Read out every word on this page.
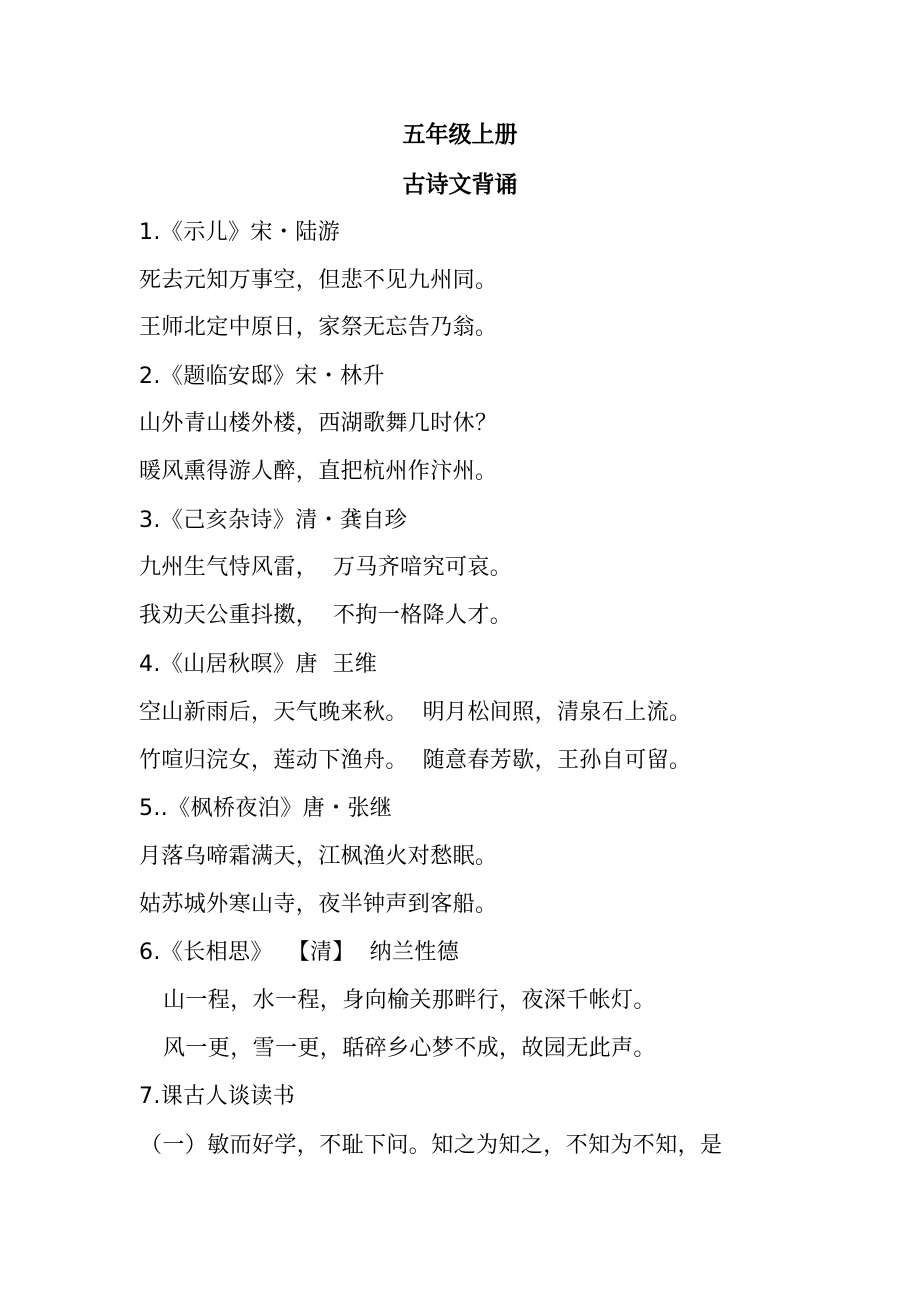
五年级上册
古诗文背诵
1.《示儿》宋・陆游
死去元知万事空，但悲不见九州同。
王师北定中原日，家祭无忘告乃翁。
2.《题临安邸》宋・林升
山外青山楼外楼，西湖歌舞几时休？
暖风熏得游人醉，直把杭州作汴州。
3.《己亥杂诗》清・龚自珍
九州生气恃风雷，  万马齐喑究可哀。
我劝天公重抖擞，  不拘一格降人才。
4.《山居秋暝》唐  王维
空山新雨后，天气晚来秋。  明月松间照，清泉石上流。
竹喧归浣女，莲动下渔舟。  随意春芳歇，王孙自可留。
5..《枫桥夜泊》唐・张继
月落乌啼霜满天，江枫渔火对愁眠。
姑苏城外寒山寺，夜半钟声到客船。
6.《长相思》  【清】  纳兰性德
山一程，水一程，身向榆关那畔行，夜深千帐灯。
风一更，雪一更，聒碎乡心梦不成，故园无此声。
7.课古人谈读书
（一）敏而好学，不耻下问。知之为知之，不知为不知，是
